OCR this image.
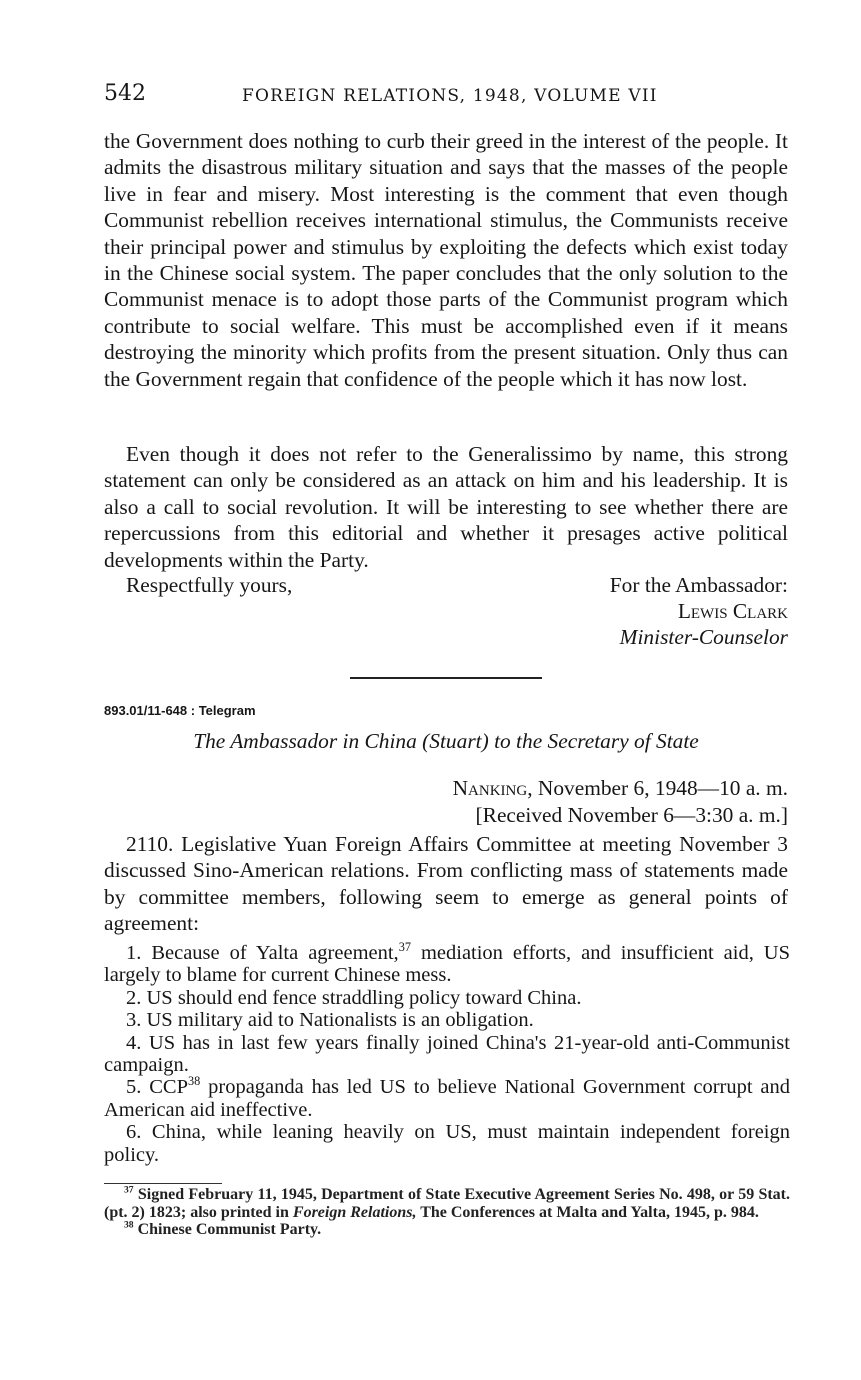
542	FOREIGN RELATIONS, 1948, VOLUME VII

the Government does nothing to curb their greed in the interest of the people. It admits the disastrous military situation and says that the masses of the people live in fear and misery. Most interesting is the comment that even though Communist rebellion receives international stimulus, the Communists receive their principal power and stimulus by exploiting the defects which exist today in the Chinese social system. The paper concludes that the only solution to the Communist menace is to adopt those parts of the Communist program which contribute to social welfare. This must be accomplished even if it means destroying the minority which profits from the present situation. Only thus can the Government regain that confidence of the people which it has now lost.

Even though it does not refer to the Generalissimo by name, this strong statement can only be considered as an attack on him and his leadership. It is also a call to social revolution. It will be interesting to see whether there are repercussions from this editorial and whether it presages active political developments within the Party.

Respectfully yours,	For the Ambassador:
Lewis Clark
Minister-Counselor
893.01/11-648 : Telegram
The Ambassador in China (Stuart) to the Secretary of State
Nanking, November 6, 1948—10 a. m.
[Received November 6—3:30 a. m.]

2110. Legislative Yuan Foreign Affairs Committee at meeting November 3 discussed Sino-American relations. From conflicting mass of statements made by committee members, following seem to emerge as general points of agreement:

1. Because of Yalta agreement,$^{37}$ mediation efforts, and insufficient aid, US largely to blame for current Chinese mess.
2. US should end fence straddling policy toward China.
3. US military aid to Nationalists is an obligation.
4. US has in last few years finally joined China's 21-year-old anti-Communist campaign.
5. CCP$^{38}$ propaganda has led US to believe National Government corrupt and American aid ineffective.
6. China, while leaning heavily on US, must maintain independent foreign policy.

$^{37}$ Signed February 11, 1945, Department of State Executive Agreement Series No. 498, or 59 Stat. (pt. 2) 1823; also printed in Foreign Relations, The Conferences at Malta and Yalta, 1945, p. 984.

$^{38}$ Chinese Communist Party.
